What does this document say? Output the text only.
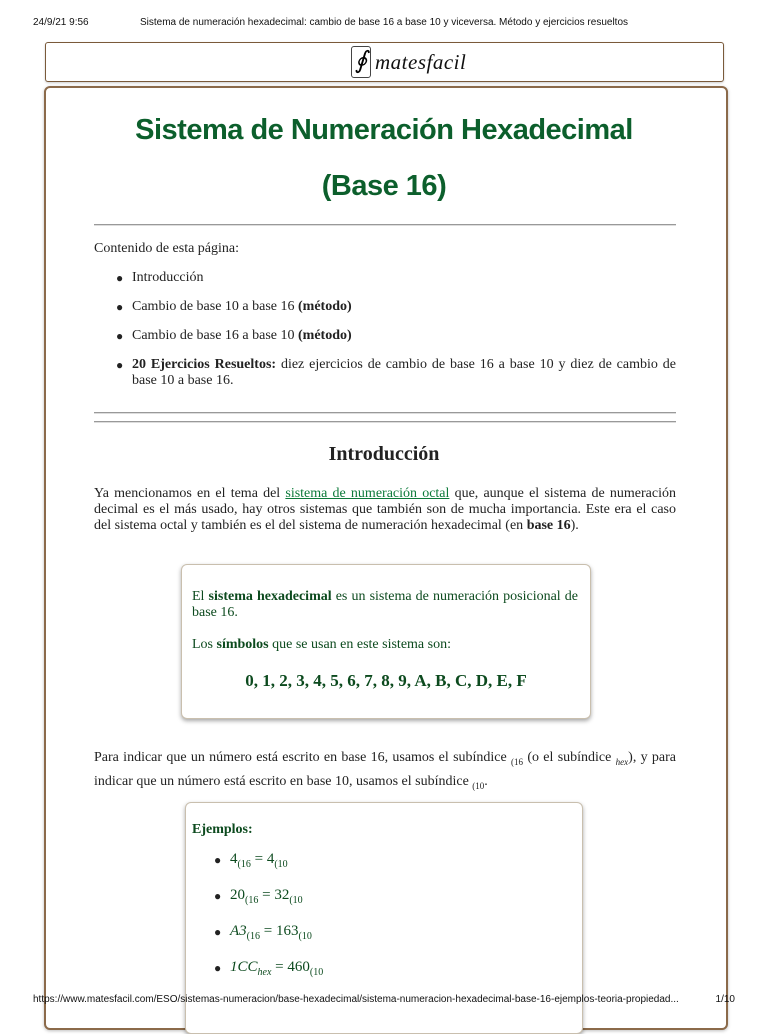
24/9/21 9:56	Sistema de numeración hexadecimal: cambio de base 16 a base 10 y viceversa. Método y ejercicios resueltos
∮ matesfacil
Sistema de Numeración Hexadecimal
(Base 16)
Contenido de esta página:
● Introducción
● Cambio de base 10 a base 16 (método)
● Cambio de base 16 a base 10 (método)
● 20 Ejercicios Resueltos: diez ejercicios de cambio de base 16 a base 10 y diez de cambio de base 10 a base 16.
Introducción
Ya mencionamos en el tema del sistema de numeración octal que, aunque el sistema de numeración decimal es el más usado, hay otros sistemas que también son de mucha importancia. Este era el caso del sistema octal y también es el del sistema de numeración hexadecimal (en base 16).
El sistema hexadecimal es un sistema de numeración posicional de base 16.
Los símbolos que se usan en este sistema son:
0, 1, 2, 3, 4, 5, 6, 7, 8, 9, A, B, C, D, E, F
Para indicar que un número está escrito en base 16, usamos el subíndice $_{(16}$ (o el subíndice $_{hex}$), y para indicar que un número está escrito en base 10, usamos el subíndice $_{(10}$.
Ejemplos:
● $4_{(16} = 4_{(10}$
● $20_{(16} = 32_{(10}$
● $A3_{(16} = 163_{(10}$
● $1CC_{hex} = 460_{(10}$
https://www.matesfacil.com/ESO/sistemas-numeracion/base-hexadecimal/sistema-numeracion-hexadecimal-base-16-ejemplos-teoria-propiedad...	1/10
